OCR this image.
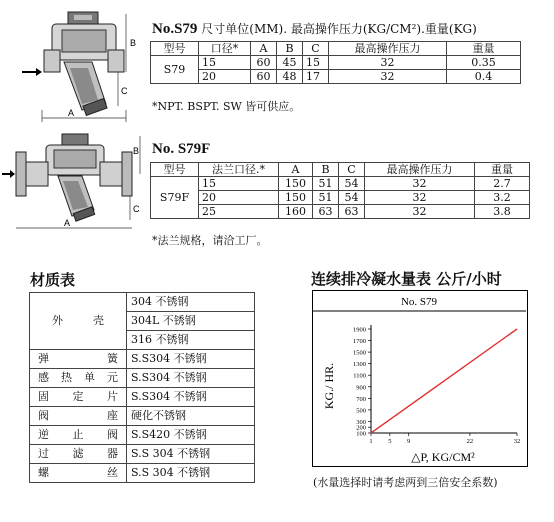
B
C
A
No.S79 尺寸单位(MM). 最高操作压力(KG/CM²).重量(KG)
型号	口径*	A	B	C	最高操作压力	重量
S79	15	60	45	15	32	0.35
	20	60	48	17	32	0.4
*NPT. BSPT. SW 皆可供应。
B
C
A
No. S79F
型号	法兰口径.*	A	B	C	最高操作压力	重量
S79F	15	150	51	54	32	2.7
	20	150	51	54	32	3.2
	25	160	63	63	32	3.8
*法兰规格，请洽工厂。
材质表
外壳	304 不锈钢
	304L 不锈钢
	316 不锈钢
弹簧	S.S304 不锈钢
感热单元	S.S304 不锈钢
固定片	S.S304 不锈钢
阀座	硬化不锈钢
逆止阀	S.S420 不锈钢
过滤器	S.S 304 不锈钢
螺丝	S.S 304 不锈钢
连续排冷凝水量表 公斤/小时
No. S79
KG./ HR.
△P, KG/CM²
100
200
300
500
700
900
1100
1300
1500
1700
1900
1 5 9	22	32
(水量选择时请考虑两到三倍安全系数)
